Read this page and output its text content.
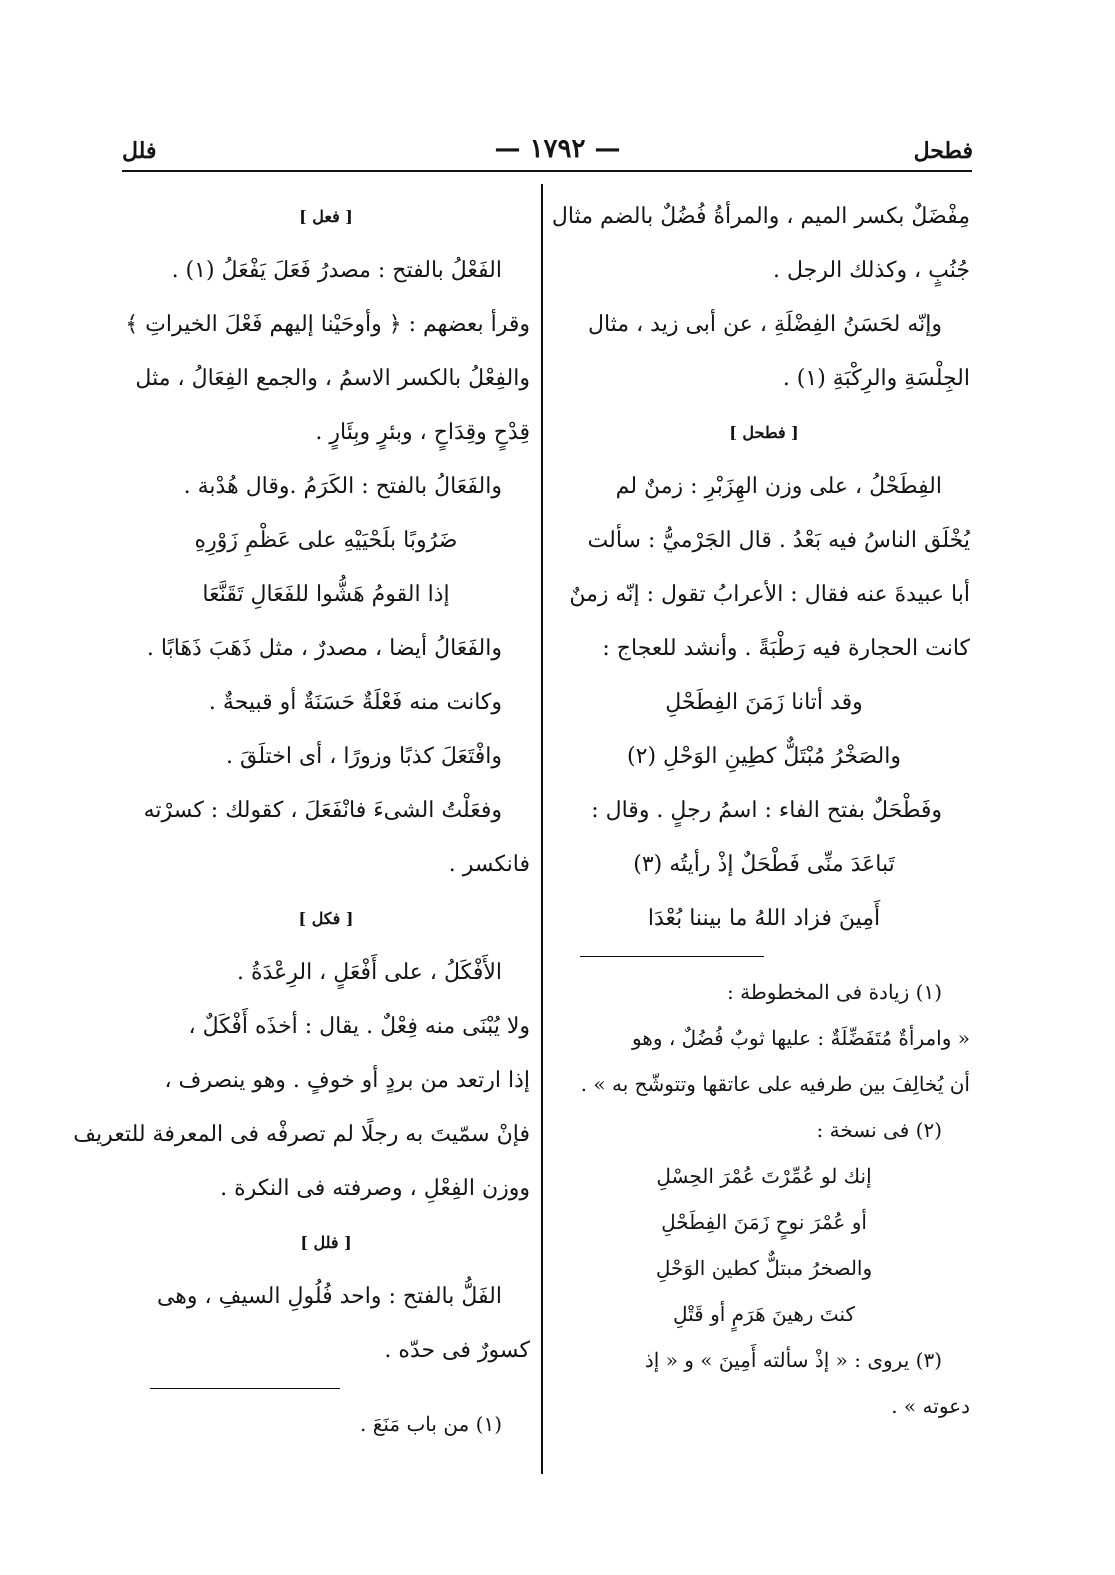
فطحل
— ١٧٩٢ —
فلل
مِفْضَلٌ بكسر الميم ، والمرأةُ فُضُلٌ بالضم مثال
جُنُبٍ ، وكذلك الرجل .
وإنّه لحَسَنُ الفِضْلَةِ ، عن أبى زيد ، مثال
الجِلْسَةِ والرِكْبَةِ (١) .
[ فطحل ]
الفِطَحْلُ ، على وزن الهِزَبْرِ : زمنٌ لم
يُخْلَق الناسُ فيه بَعْدُ . قال الجَرْميُّ : سألت
أبا عبيدةَ عنه فقال : الأعرابُ تقول : إنّه زمنٌ
كانت الحجارة فيه رَطْبَةً . وأنشد للعجاج :
وقد أتانا زَمَنَ الفِطَحْلِ
والصَخْرُ مُبْتَلٌّ كطِينِ الوَحْلِ (٢)
وفَطْحَلٌ بفتح الفاء : اسمُ رجلٍ . وقال :
تَباعَدَ منِّى فَطْحَلٌ إذْ رأيتُه (٣)
أَمِينَ فزاد اللهُ ما بيننا بُعْدَا
(١) زيادة فى المخطوطة :
« وامرأةٌ مُتَفَضِّلَةٌ : عليها ثوبٌ فُضُلٌ ، وهو
أن يُخالِفَ بين طرفيه على عاتقها وتتوشّح به » .
(٢) فى نسخة :
إنك لو عُمِّرْتَ عُمْرَ الحِسْلِ
أو عُمْرَ نوحٍ زَمَنَ الفِطَحْلِ
والصخرُ مبتلٌّ كطين الوَحْلِ
كنتَ رهينَ هَرَمٍ أو قَتْلِ
(٣) يروى : « إذْ سألته أَمِينَ » و « إذ
دعوته » .
[ فعل ]
الفَعْلُ بالفتح : مصدرُ فَعَلَ يَفْعَلُ (١) .
وقرأ بعضهم : ﴿ وأوحَيْنا إليهم فَعْلَ الخيراتِ ﴾
والفِعْلُ بالكسر الاسمُ ، والجمع الفِعَالُ ، مثل
قِدْحٍ وقِدَاحٍ ، وبئرٍ وبِئَارٍ .
والفَعَالُ بالفتح : الكَرَمُ .وقال هُدْبة .
ضَرُوبًا بلَحْيَيْهِ على عَظْمِ زَوْرِهِ
إذا القومُ هَشُّوا للفَعَالِ تَقَنَّعَا
والفَعَالُ أيضا ، مصدرٌ ، مثل ذَهَبَ ذَهَابًا .
وكانت منه فَعْلَةٌ حَسَنَةٌ أو قبيحةٌ .
وافْتَعَلَ كذبًا وزورًا ، أى اختلَقَ .
وفعَلْتُ الشىءَ فانْفَعَلَ ، كقولك : كسرْته
فانكسر .
[ فكل ]
الأَفْكَلُ ، على أَفْعَلٍ ، الرِعْدَةُ .
ولا يُبْنَى منه فِعْلٌ . يقال : أخذَه أَفْكَلٌ ،
إذا ارتعد من بردٍ أو خوفٍ . وهو ينصرف ،
فإنْ سمّيتَ به رجلًا لم تصرفْه فى المعرفة للتعريف
ووزن الفِعْلِ ، وصرفته فى النكرة .
[ فلل ]
الفَلُّ بالفتح : واحد فُلُولِ السيفِ ، وهى
كسورٌ فى حدّه .
(١) من باب مَنَعَ .
